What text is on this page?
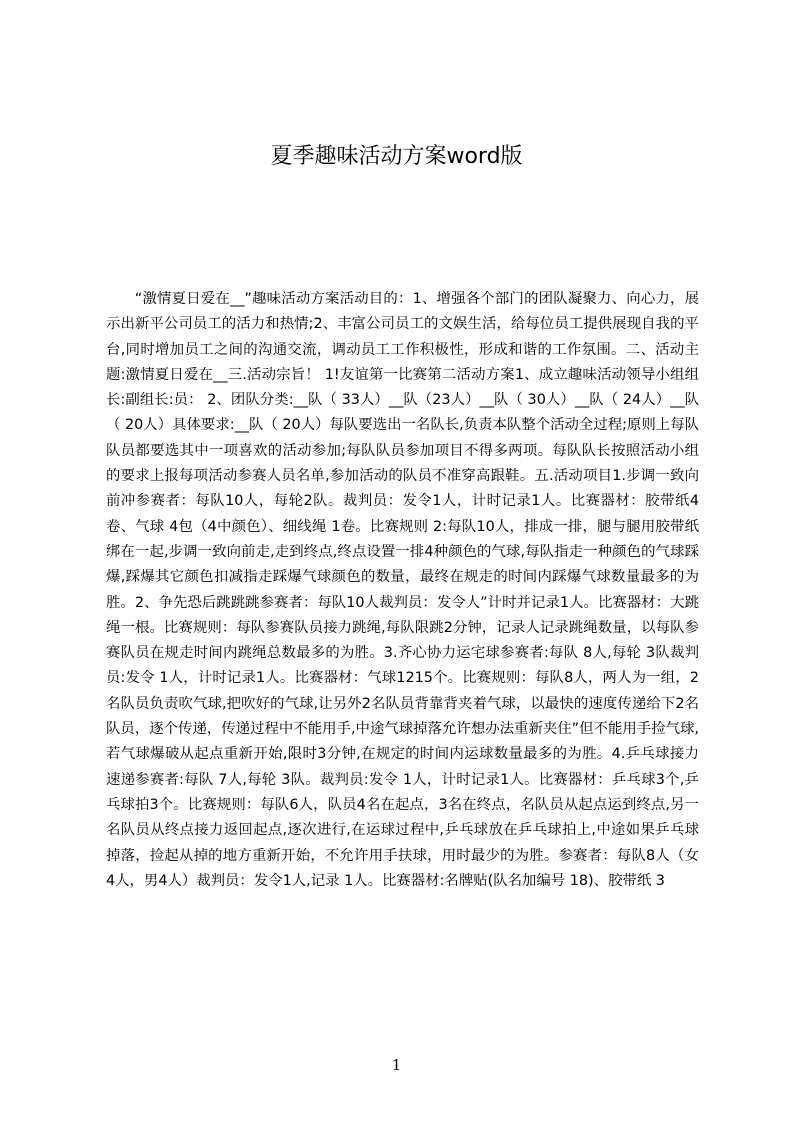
夏季趣味活动方案word版

“激情夏日爱在__”趣味活动方案活动目的：1、增强各个部门的团队凝聚力、向心力，展示出新平公司员工的活力和热情;2、丰富公司员工的文娱生活，给每位员工提供展现自我的平台,同时增加员工之间的沟通交流，调动员工工作积极性，形成和谐的工作氛围。二、活动主题:激情夏日爱在__三.活动宗旨！ 1!友谊第一比赛第二活动方案1、成立趣味活动领导小组组长:副组长:员： 2、团队分类:__队（ 33人）__队（23人）__队（ 30人）__队（ 24人）__队（ 20人）具体要求:__队（ 20人）每队要选出一名队长,负责本队整个活动全过程;原则上每队队员都要选其中一项喜欢的活动参加;每队队员参加项目不得多两项。每队队长按照活动小组的要求上报每项活动参赛人员名单,参加活动的队员不准穿高跟鞋。五.活动项目1.步调一致向前冲参赛者：每队10人，每轮2队。裁判员：发令1人，计时记录1人。比赛器材：胶带纸4卷、气球 4包（4中颜色）、细线绳 1卷。比赛规则 2:每队10人，排成一排，腿与腿用胶带纸绑在一起,步调一致向前走,走到终点,终点设置一排4种颜色的气球,每队指走一种颜色的气球踩爆,踩爆其它颜色扣减指走踩爆气球颜色的数量，最终在规走的时间内踩爆气球数量最多的为胜。2、争先恐后跳跳跳参赛者：每队10人裁判员：发令人”计时并记录1人。比赛器材：大跳绳一根。比赛规则：每队参赛队员接力跳绳,每队限跳2分钟，记录人记录跳绳数量，以每队参赛队员在规走时间内跳绳总数最多的为胜。3.齐心协力运宅球参赛者:每队 8人,每轮 3队裁判员:发令 1人，计时记录1人。比赛器材：气球1215个。比赛规则：每队8人，两人为一组，2名队员负责吹气球,把吹好的气球,让另外2名队员背靠背夹着气球，以最快的速度传递给下2名队员，逐个传递，传递过程中不能用手,中途气球掉落允许想办法重新夹住”但不能用手捡气球,若气球爆破从起点重新开始,限时3分钟,在规定的时间内运球数量最多的为胜。4.乒乓球接力速递参赛者:每队 7人,每轮 3队。裁判员:发令 1人，计时记录1人。比赛器材：乒乓球3个,乒乓球拍3个。比赛规则：每队6人，队员4名在起点，3名在终点，名队员从起点运到终点,另一名队员从终点接力返回起点,逐次进行,在运球过程中,乒乓球放在乒乓球拍上,中途如果乒乓球掉落，捡起从掉的地方重新开始，不允许用手扶球，用时最少的为胜。参赛者：每队8人（女4人，男4人）裁判员：发令1人,记录 1人。比赛器材:名牌贴(队名加编号 18)、胶带纸 3

1
